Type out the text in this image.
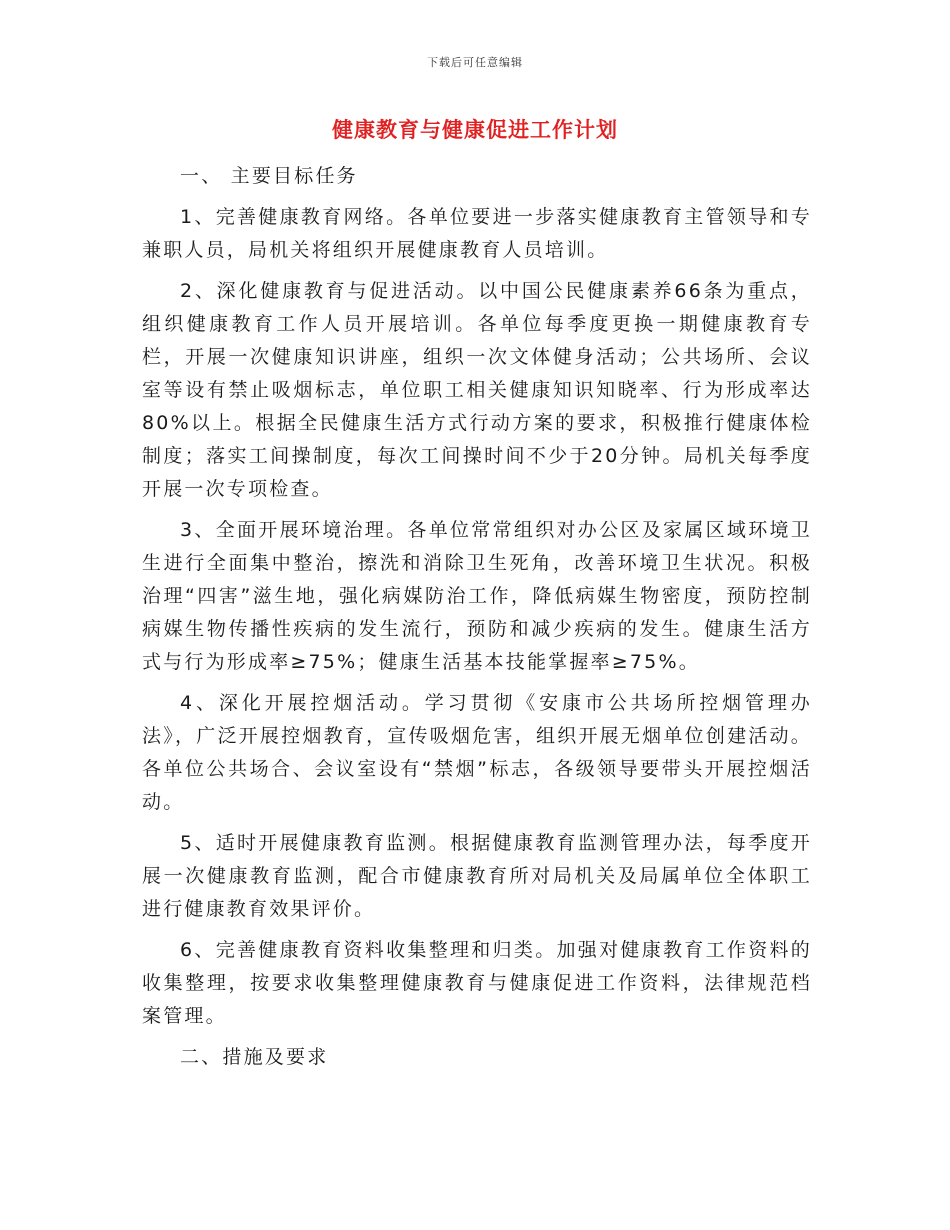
下载后可任意编辑
健康教育与健康促进工作计划

一、 主要目标任务

1、完善健康教育网络。各单位要进一步落实健康教育主管领导和专兼职人员，局机关将组织开展健康教育人员培训。

2、深化健康教育与促进活动。以中国公民健康素养66条为重点，组织健康教育工作人员开展培训。各单位每季度更换一期健康教育专栏，开展一次健康知识讲座，组织一次文体健身活动；公共场所、会议室等设有禁止吸烟标志，单位职工相关健康知识知晓率、行为形成率达80%以上。根据全民健康生活方式行动方案的要求，积极推行健康体检制度；落实工间操制度，每次工间操时间不少于20分钟。局机关每季度开展一次专项检查。

3、全面开展环境治理。各单位常常组织对办公区及家属区域环境卫生进行全面集中整治，擦洗和消除卫生死角，改善环境卫生状况。积极治理“四害”滋生地，强化病媒防治工作，降低病媒生物密度，预防控制病媒生物传播性疾病的发生流行，预防和减少疾病的发生。健康生活方式与行为形成率≥75%；健康生活基本技能掌握率≥75%。

4、深化开展控烟活动。学习贯彻《安康市公共场所控烟管理办法》，广泛开展控烟教育，宣传吸烟危害，组织开展无烟单位创建活动。各单位公共场合、会议室设有“禁烟”标志，各级领导要带头开展控烟活动。

5、适时开展健康教育监测。根据健康教育监测管理办法，每季度开展一次健康教育监测，配合市健康教育所对局机关及局属单位全体职工进行健康教育效果评价。

6、完善健康教育资料收集整理和归类。加强对健康教育工作资料的收集整理，按要求收集整理健康教育与健康促进工作资料，法律规范档案管理。

二、措施及要求
